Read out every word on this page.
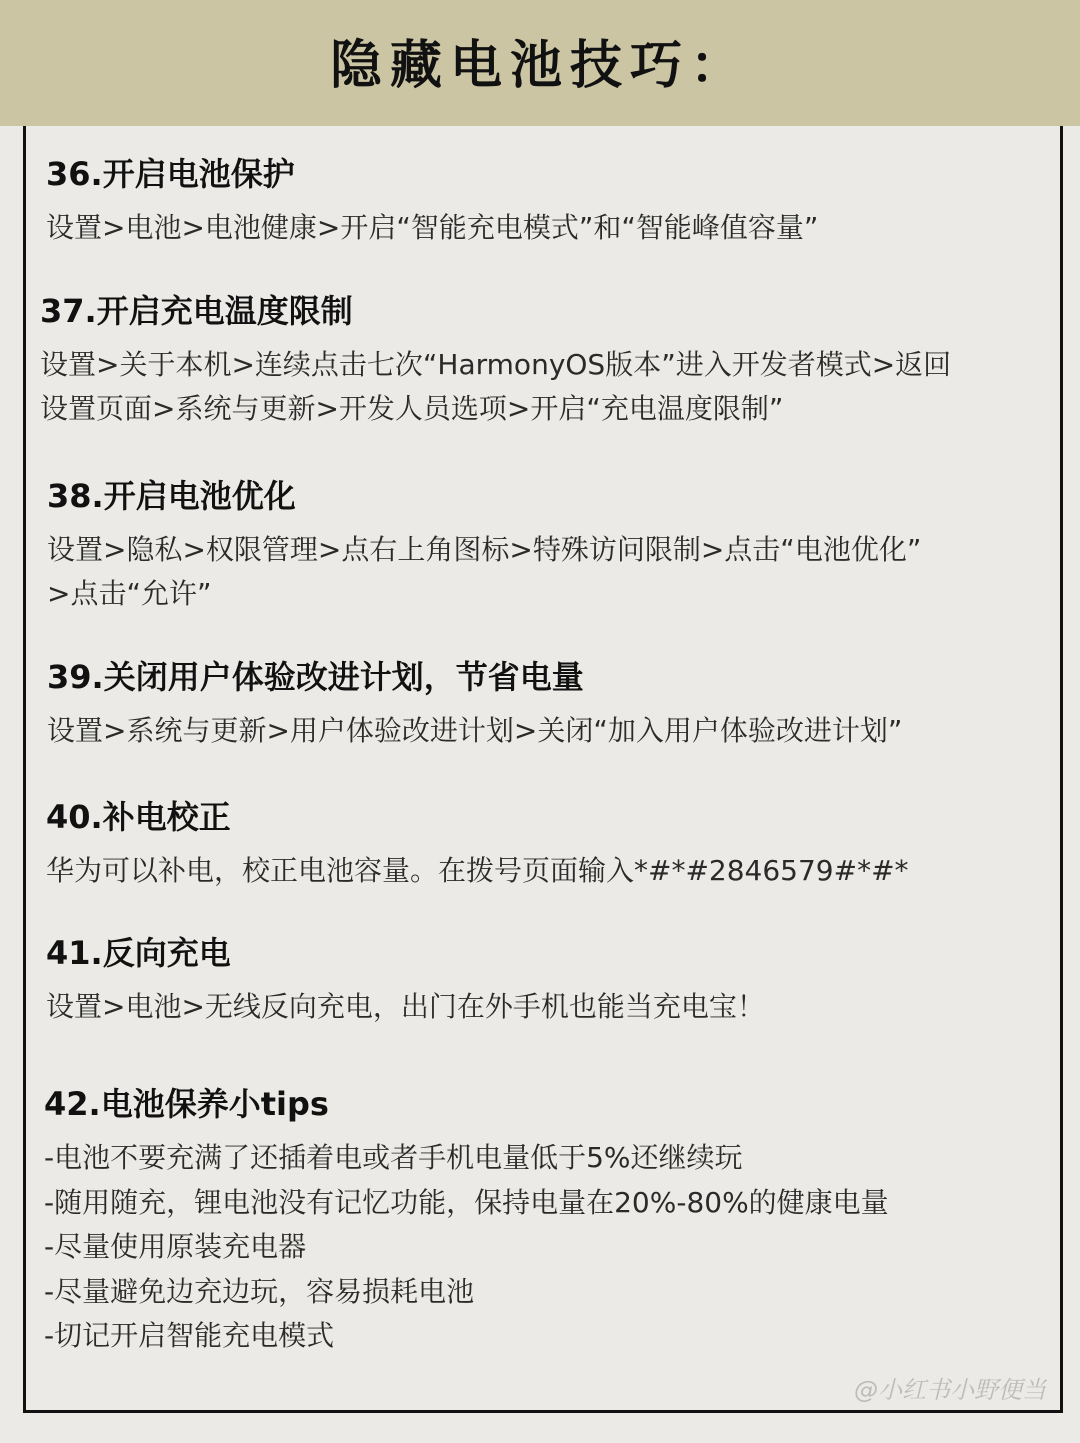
隐藏电池技巧：
36.开启电池保护
设置>电池>电池健康>开启“智能充电模式”和“智能峰值容量”
37.开启充电温度限制
设置>关于本机>连续点击七次“HarmonyOS版本”进入开发者模式>返回
设置页面>系统与更新>开发人员选项>开启“充电温度限制”
38.开启电池优化
设置>隐私>权限管理>点右上角图标>特殊访问限制>点击“电池优化”
>点击“允许”
39.关闭用户体验改进计划，节省电量
设置>系统与更新>用户体验改进计划>关闭“加入用户体验改进计划”
40.补电校正
华为可以补电，校正电池容量。在拨号页面输入*#*#2846579#*#*
41.反向充电
设置>电池>无线反向充电，出门在外手机也能当充电宝！
42.电池保养小tips
-电池不要充满了还插着电或者手机电量低于5%还继续玩
-随用随充，锂电池没有记忆功能，保持电量在20%-80%的健康电量
-尽量使用原装充电器
-尽量避免边充边玩，容易损耗电池
-切记开启智能充电模式
@小红书小野便当
